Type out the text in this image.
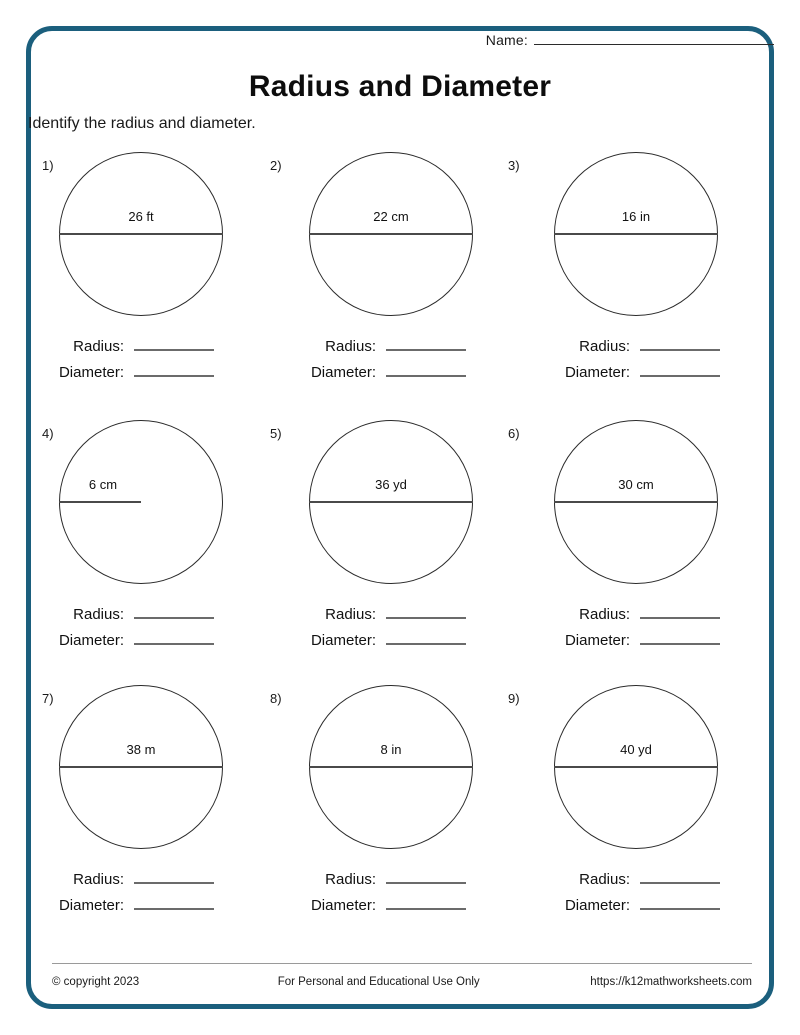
Name:
Radius and Diameter
Identify the radius and diameter.
1)
26 ft
Radius:
Diameter:
2)
22 cm
Radius:
Diameter:
3)
16 in
Radius:
Diameter:
4)
6 cm
Radius:
Diameter:
5)
36 yd
Radius:
Diameter:
6)
30 cm
Radius:
Diameter:
7)
38 m
Radius:
Diameter:
8)
8 in
Radius:
Diameter:
9)
40 yd
Radius:
Diameter:
© copyright 2023	For Personal and Educational Use Only	https://k12mathworksheets.com
